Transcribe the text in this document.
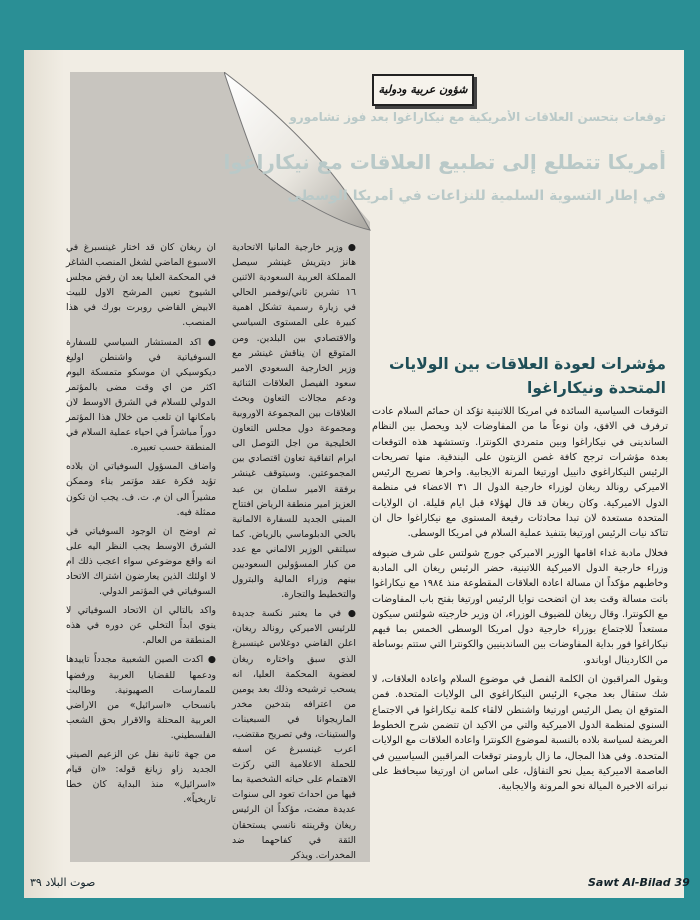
شؤون عربية ودولية
توقعات بتحسن العلاقات الأمريكية مع نيكاراغوا بعد فوز تشامورو
أمريكا تتطلع إلى تطبيع العلاقات مع نيكاراغوا
في إطار التسوية السلمية للنزاعات في أمريكا الوسطى

ان ريغان كان قد اختار غينسبرغ في الاسبوع الماضي لشغل المنصب الشاغر في المحكمة العليا بعد ان رفض مجلس الشيوخ تعيين المرشح الاول للبيت الابيض القاضي روبرت بورك في هذا المنصب.

● اكد المستشار السياسي للسفارة السوفياتية في واشنطن اوليغ ديكوسيكي ان موسكو متمسكة اليوم اكثر من اي وقت مضى بالمؤتمر الدولي للسلام في الشرق الاوسط لان بامكانها ان تلعب من خلال هذا المؤتمر دوراً مباشراً في احياء عملية السلام في المنطقة حسب تعبيره.

واضاف المسؤول السوفياتي ان بلاده تؤيد فكرة عقد مؤتمر بناء وممكن مشيراً الى ان م. ت. ف. يجب ان تكون ممثلة فيه.

ثم اوضح ان الوجود السوفياتي في الشرق الاوسط يجب النظر اليه على انه واقع موضوعي سواء اعجب ذلك ام لا اولئك الذين يعارضون اشتراك الاتحاد السوفياتي في المؤتمر الدولي.

واكد بالتالي ان الاتحاد السوفياتي لا ينوي ابداً التخلي عن دوره في هذه المنطقة من العالم.

● اكدت الصين الشعبية مجدداً تاييدها ودعمها للقضايا العربية ورفضها للممارسات الصهيونية. وطالبت بانسحاب «اسرائيل» من الاراضي العربية المحتلة والاقرار بحق الشعب الفلسطيني.

من جهة ثانية نقل عن الزعيم الصيني الجديد زاو زيانغ قوله: «ان قيام «اسرائيل» منذ البداية كان خطا تاريخياً».

● وزير خارجية المانيا الاتحادية هانز ديتريش غينشر سيصل المملكة العربية السعودية الاثنين ١٦ تشرين ثاني/نوفمبر الحالي في زيارة رسمية تشكل اهمية كبيرة على المستوى السياسي والاقتصادي بين البلدين. ومن المتوقع ان يناقش غينشر مع وزير الخارجية السعودي الامير سعود الفيصل العلاقات الثنائية ودعم مجالات التعاون وبحث العلاقات بين المجموعة الاوروبية ومجموعة دول مجلس التعاون الخليجية من اجل التوصل الى ابرام اتفاقية تعاون اقتصادي بين المجموعتين. وسيتوقف غينشر برفقة الامير سلمان بن عبد العزيز امير منطقة الرياض افتتاح المبنى الجديد للسفارة الالمانية بالحي الدبلوماسي بالرياض. كما سيلتقي الوزير الالماني مع عدد من كبار المسؤولين السعوديين بينهم وزراء المالية والبترول والتخطيط والتجارة.

● في ما يعتبر نكسة جديدة للرئيس الاميركي رونالد ريغان، اعلن القاضي دوغلاس غينسبرغ الذي سبق واختاره ريغان لعضوية المحكمة العليا، انه يسحب ترشيحه وذلك بعد يومين من اعترافه بتدخين مخدر الماريجوانا في السبعينات والستينات، وفي تصريح مقتضب، اعرب غينسبرغ عن اسفه للحملة الاعلامية التي ركزت الاهتمام على حياته الشخصية بما فيها من احداث تعود الى سنوات عديدة مضت، مؤكداً ان الرئيس ريغان وقرينته نانسي يستحقان الثقة في كفاحهما ضد المخدرات. ويذكر

مؤشرات لعودة العلاقات بين الولايات المتحدة ونيكاراغوا

التوقعات السياسية السائدة في امريكا اللاتينية تؤكد ان حمائم السلام عادت ترفرف في الافق، وان نوعاً ما من المفاوضات لابد ويحصل بين النظام الساندينى في نيكاراغوا وبين متمردي الكونترا. وتستشهد هذه التوقعات بعدة مؤشرات ترجح كافة غصن الزيتون على البندقية. منها تصريحات الرئيس النيكاراغوي دانييل اورتيغا المرنة الايجابية. واخرها تصريح الرئيس الاميركي رونالد ريغان لوزراء خارجية الدول الـ ٣١ الاعضاء في منظمة الدول الاميركية. وكان ريغان قد قال لهؤلاء قبل ايام قليلة. ان الولايات المتحدة مستعدة لان تبدا محادثات رفيعة المستوى مع نيكاراغوا حال ان تتاكد نيات الرئيس اورتيغا بتنفيذ عملية السلام في امريكا الوسطى.

فخلال مادبة غداء اقامها الوزير الاميركي جورج شولتس على شرف ضيوفه وزراء خارجية الدول الاميركية اللاتينية، حضر الرئيس ريغان الى المادبة وخاطبهم مؤكداً ان مسالة اعادة العلاقات المقطوعة منذ ١٩٨٤ مع نيكاراغوا باتت مسالة وقت بعد ان اتضحت نوايا الرئيس اورتيغا بفتح باب المفاوضات مع الكونترا. وقال ريغان للضيوف الوزراء، ان وزير خارجيته شولتس سيكون مستعداً للاجتماع بوزراء خارجية دول امريكا الوسطى الخمس بما فيهم نيكاراغوا فور بداية المفاوضات بين الساندينيين والكونترا التي ستتم بوساطة من الكاردينال اوباندو.

ويقول المراقبون ان الكلمة الفصل في موضوع السلام واعادة العلاقات، لا شك ستقال بعد مجيء الرئيس النيكاراغوي الى الولايات المتحدة. فمن المتوقع ان يصل الرئيس اورتيغا واشنطن لالقاء كلمة نيكاراغوا في الاجتماع السنوي لمنظمة الدول الاميركية والتي من الاكيد ان تتضمن شرح الخطوط العريضة لسياسة بلاده بالنسبة لموضوع الكونترا واعادة العلاقات مع الولايات المتحدة. وفي هذا المجال، ما زال بارومتر توقعات المراقبين السياسيين في العاصمة الاميركية يميل نحو التفاؤل، على اساس ان اورتيغا سيحافظ على نبراته الاخيرة الميالة نحو المرونة والايجابية.

Sawt Al-Bilad 39
صوت البلاد ٣٩
